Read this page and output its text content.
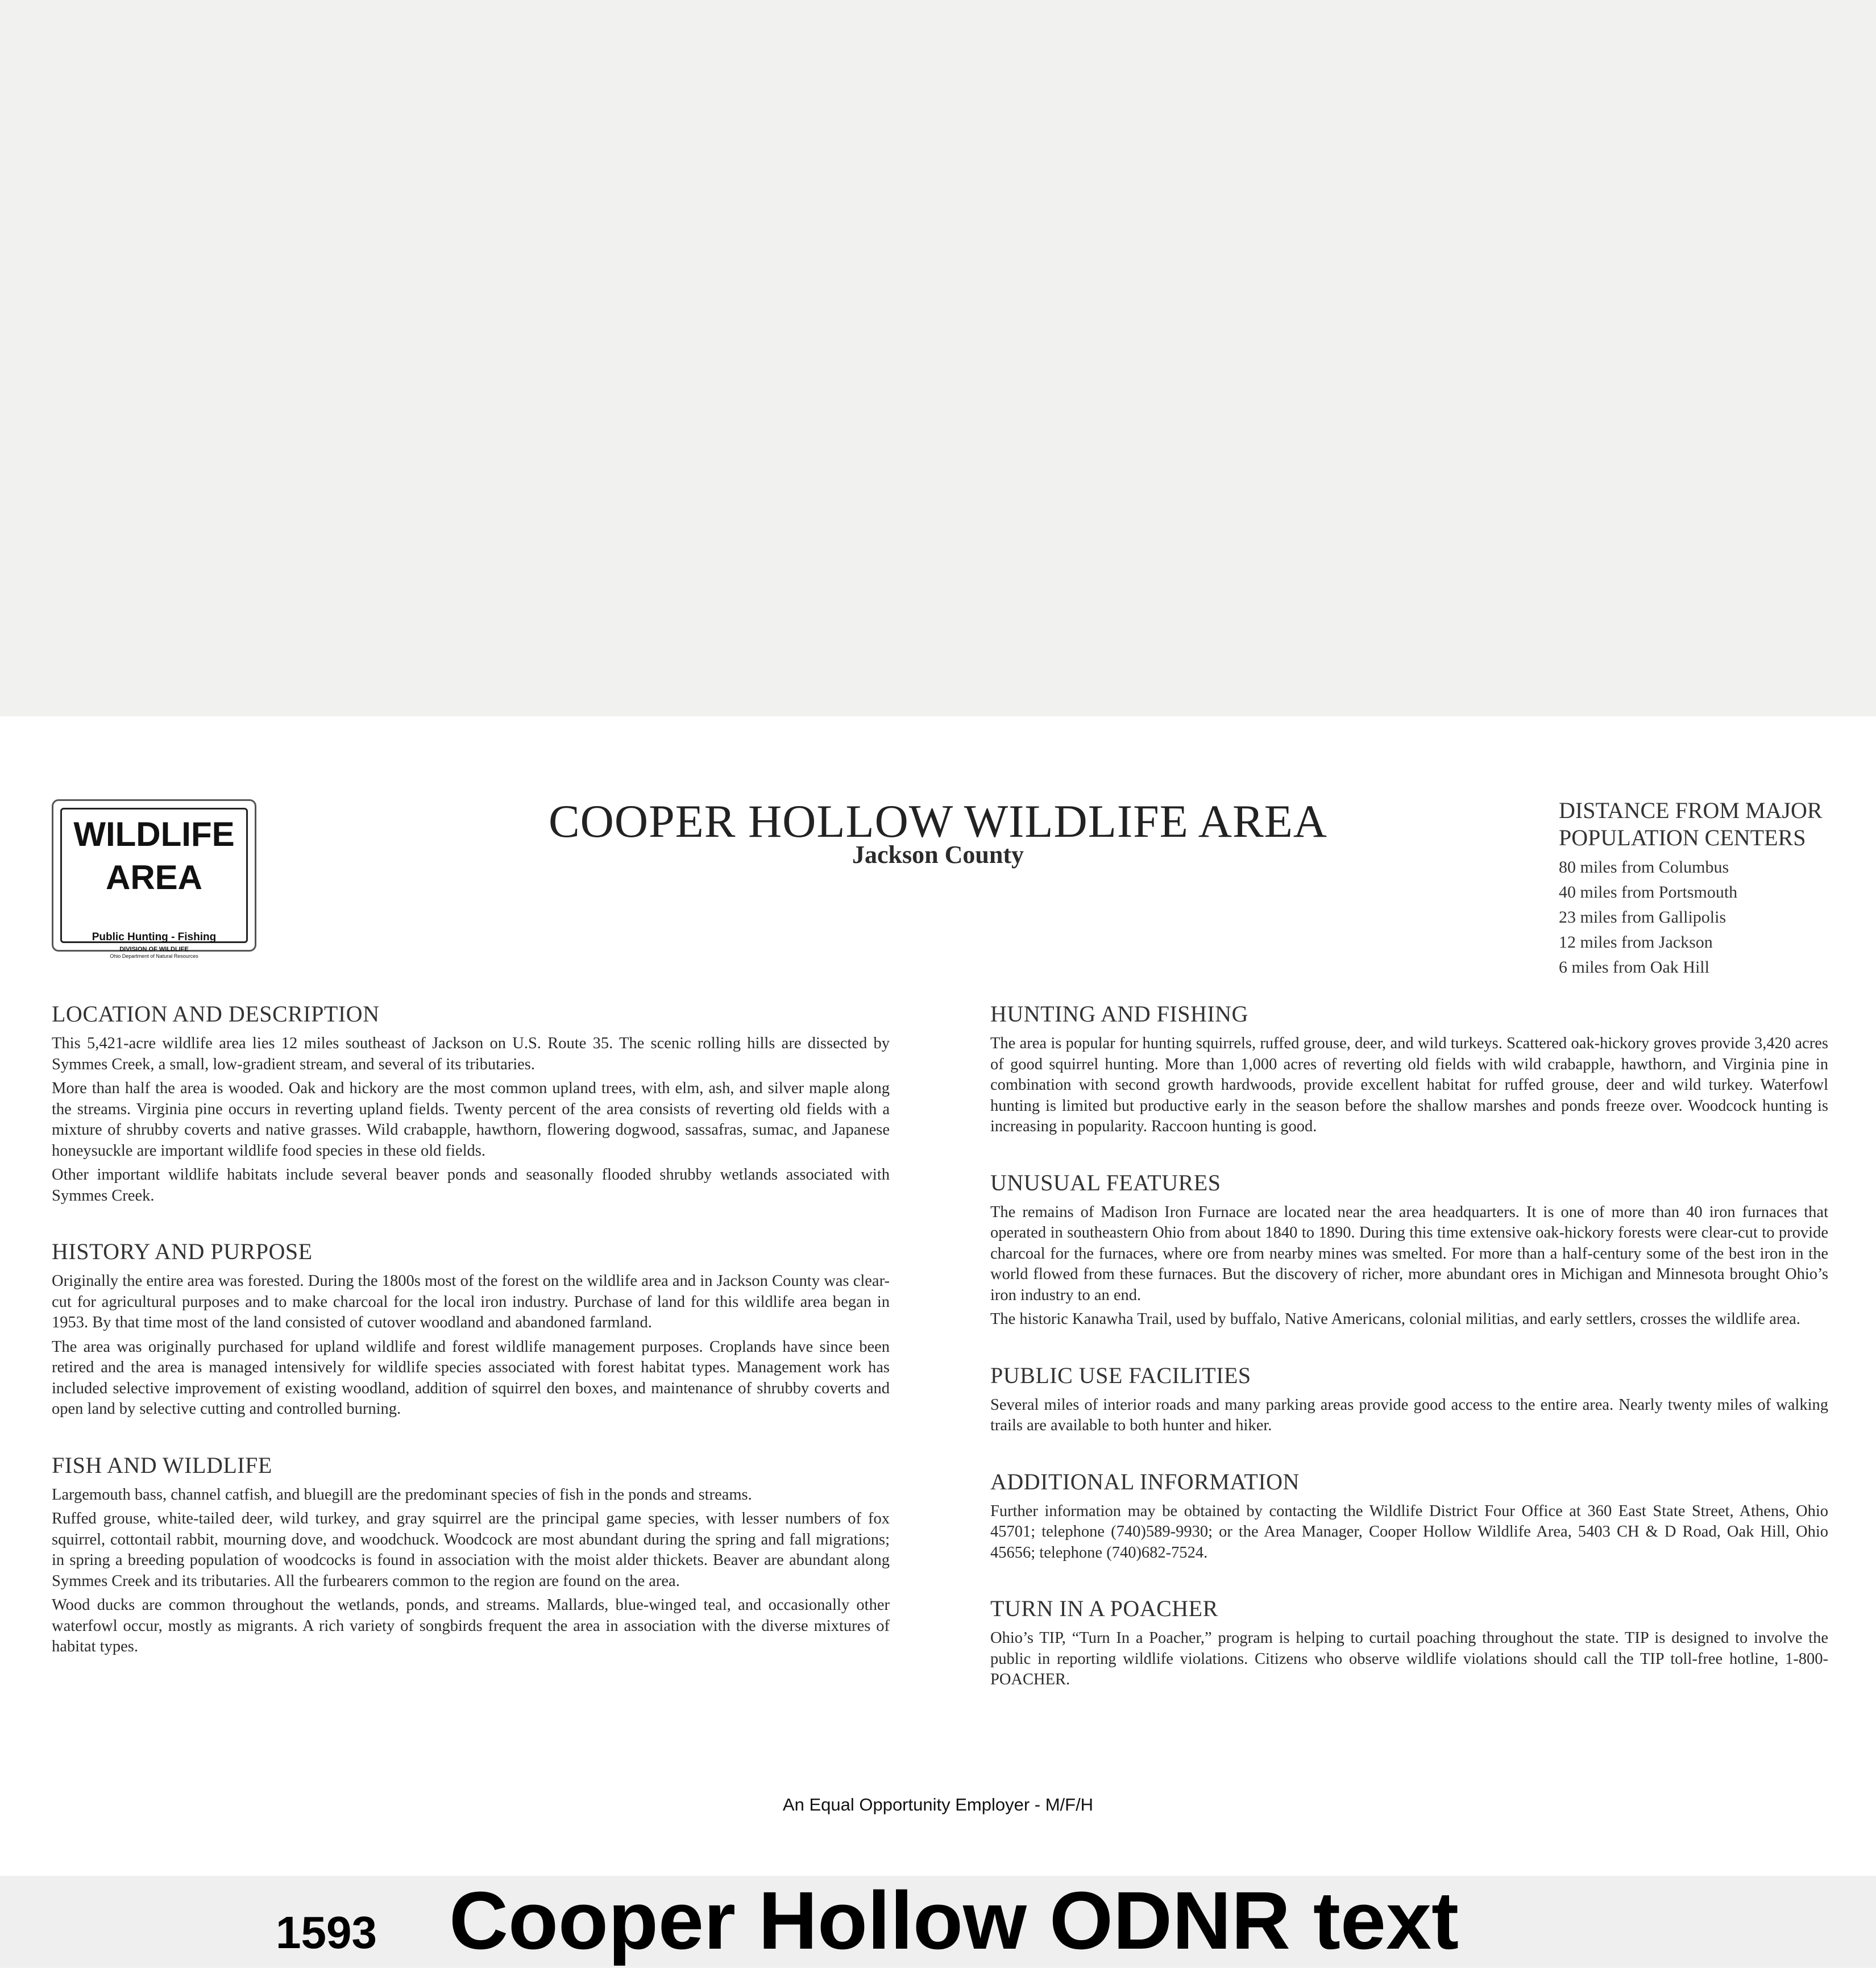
WILDLIFE
AREA
Public Hunting - Fishing
DIVISION OF WILDLIFE
Ohio Department of Natural Resources
COOPER HOLLOW WILDLIFE AREA
Jackson County
DISTANCE FROM MAJOR
POPULATION CENTERS
80 miles from Columbus
40 miles from Portsmouth
23 miles from Gallipolis
12 miles from Jackson
6 miles from Oak Hill
LOCATION AND DESCRIPTION

This 5,421-acre wildlife area lies 12 miles southeast of Jackson on U.S. Route 35. The scenic rolling hills are dissected by Symmes Creek, a small, low-gradient stream, and several of its tributaries.

More than half the area is wooded. Oak and hickory are the most common upland trees, with elm, ash, and silver maple along the streams. Virginia pine occurs in reverting upland fields. Twenty percent of the area consists of reverting old fields with a mixture of shrubby coverts and native grasses. Wild crabapple, hawthorn, flowering dogwood, sassafras, sumac, and Japanese honeysuckle are important wildlife food species in these old fields.

Other important wildlife habitats include several beaver ponds and seasonally flooded shrubby wetlands associated with Symmes Creek.

HISTORY AND PURPOSE

Originally the entire area was forested. During the 1800s most of the forest on the wildlife area and in Jackson County was clear-cut for agricultural purposes and to make charcoal for the local iron industry. Purchase of land for this wildlife area began in 1953. By that time most of the land consisted of cutover woodland and abandoned farmland.

The area was originally purchased for upland wildlife and forest wildlife management purposes. Croplands have since been retired and the area is managed intensively for wildlife species associated with forest habitat types. Management work has included selective improvement of existing woodland, addition of squirrel den boxes, and maintenance of shrubby coverts and open land by selective cutting and controlled burning.

FISH AND WILDLIFE

Largemouth bass, channel catfish, and bluegill are the predominant species of fish in the ponds and streams.

Ruffed grouse, white-tailed deer, wild turkey, and gray squirrel are the principal game species, with lesser numbers of fox squirrel, cottontail rabbit, mourning dove, and woodchuck. Woodcock are most abundant during the spring and fall migrations; in spring a breeding population of woodcocks is found in association with the moist alder thickets. Beaver are abundant along Symmes Creek and its tributaries. All the furbearers common to the region are found on the area.

Wood ducks are common throughout the wetlands, ponds, and streams. Mallards, blue-winged teal, and occasionally other waterfowl occur, mostly as migrants. A rich variety of songbirds frequent the area in association with the diverse mixtures of habitat types.

HUNTING AND FISHING

The area is popular for hunting squirrels, ruffed grouse, deer, and wild turkeys. Scattered oak-hickory groves provide 3,420 acres of good squirrel hunting. More than 1,000 acres of reverting old fields with wild crabapple, hawthorn, and Virginia pine in combination with second growth hardwoods, provide excellent habitat for ruffed grouse, deer and wild turkey. Waterfowl hunting is limited but productive early in the season before the shallow marshes and ponds freeze over. Woodcock hunting is increasing in popularity. Raccoon hunting is good.

UNUSUAL FEATURES

The remains of Madison Iron Furnace are located near the area headquarters. It is one of more than 40 iron furnaces that operated in southeastern Ohio from about 1840 to 1890. During this time extensive oak-hickory forests were clear-cut to provide charcoal for the furnaces, where ore from nearby mines was smelted. For more than a half-century some of the best iron in the world flowed from these furnaces. But the discovery of richer, more abundant ores in Michigan and Minnesota brought Ohio’s iron industry to an end.

The historic Kanawha Trail, used by buffalo, Native Americans, colonial militias, and early settlers, crosses the wildlife area.

PUBLIC USE FACILITIES

Several miles of interior roads and many parking areas provide good access to the entire area. Nearly twenty miles of walking trails are available to both hunter and hiker.

ADDITIONAL INFORMATION

Further information may be obtained by contacting the Wildlife District Four Office at 360 East State Street, Athens, Ohio 45701; telephone (740)589-9930; or the Area Manager, Cooper Hollow Wildlife Area, 5403 CH & D Road, Oak Hill, Ohio 45656; telephone (740)682-7524.

TURN IN A POACHER

Ohio’s TIP, “Turn In a Poacher,” program is helping to curtail poaching throughout the state. TIP is designed to involve the public in reporting wildlife violations. Citizens who observe wildlife violations should call the TIP toll-free hotline, 1-800-POACHER.

An Equal Opportunity Employer - M/F/H
1593 Cooper Hollow ODNR text
